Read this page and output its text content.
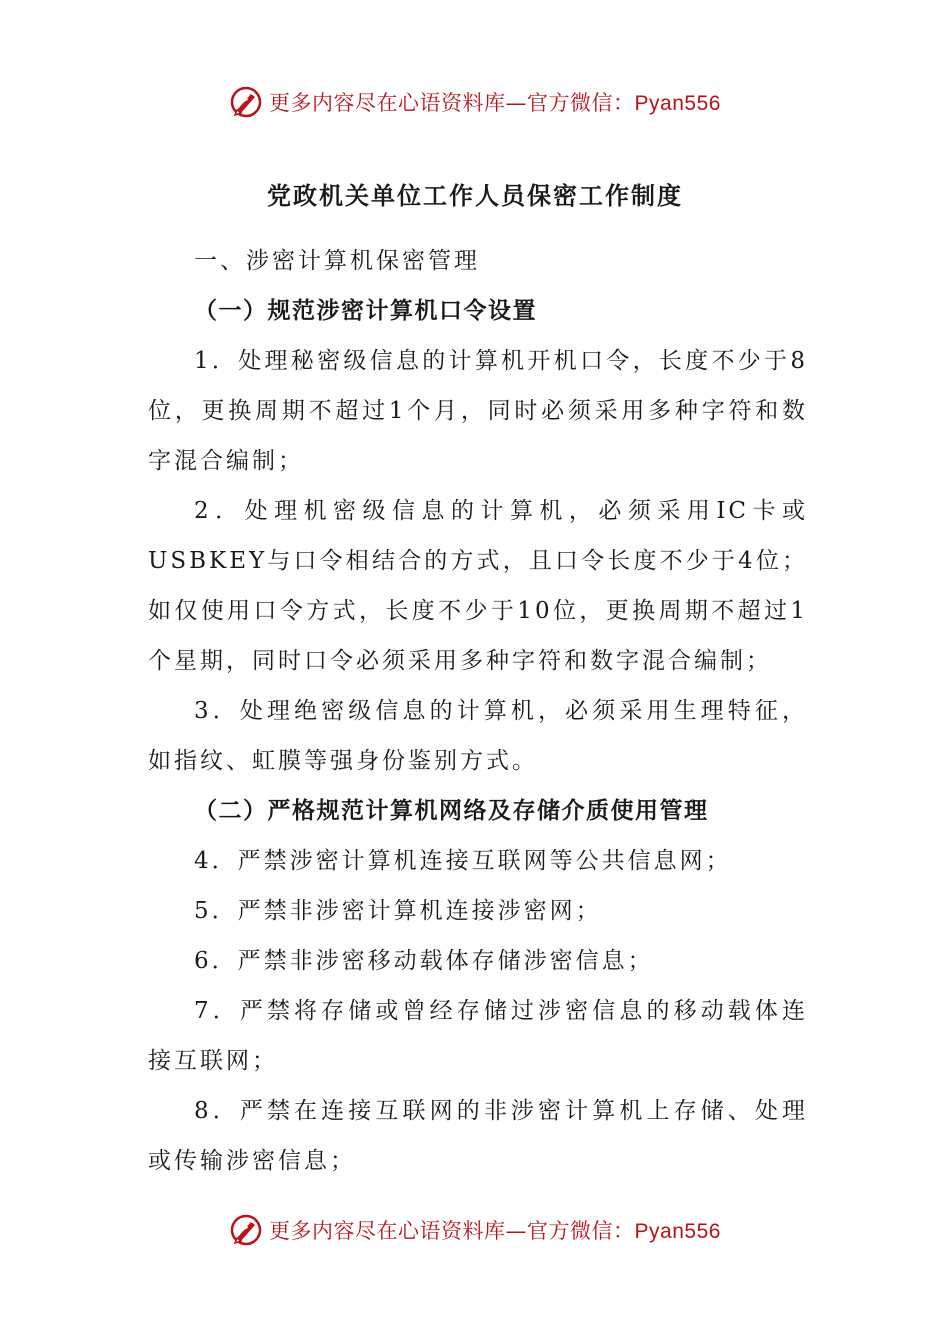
更多内容尽在心语资料库—官方微信：Pyan556
党政机关单位工作人员保密工作制度

一、涉密计算机保密管理

（一）规范涉密计算机口令设置

1．处理秘密级信息的计算机开机口令，长度不少于8位，更换周期不超过1个月，同时必须采用多种字符和数字混合编制；

2．处理机密级信息的计算机，必须采用IC卡或USBKEY与口令相结合的方式，且口令长度不少于4位；如仅使用口令方式，长度不少于10位，更换周期不超过1个星期，同时口令必须采用多种字符和数字混合编制；

3．处理绝密级信息的计算机，必须采用生理特征，如指纹、虹膜等强身份鉴别方式。

（二）严格规范计算机网络及存储介质使用管理

4．严禁涉密计算机连接互联网等公共信息网；

5．严禁非涉密计算机连接涉密网；

6．严禁非涉密移动载体存储涉密信息；

7．严禁将存储或曾经存储过涉密信息的移动载体连接互联网；

8．严禁在连接互联网的非涉密计算机上存储、处理或传输涉密信息；

更多内容尽在心语资料库—官方微信：Pyan556
